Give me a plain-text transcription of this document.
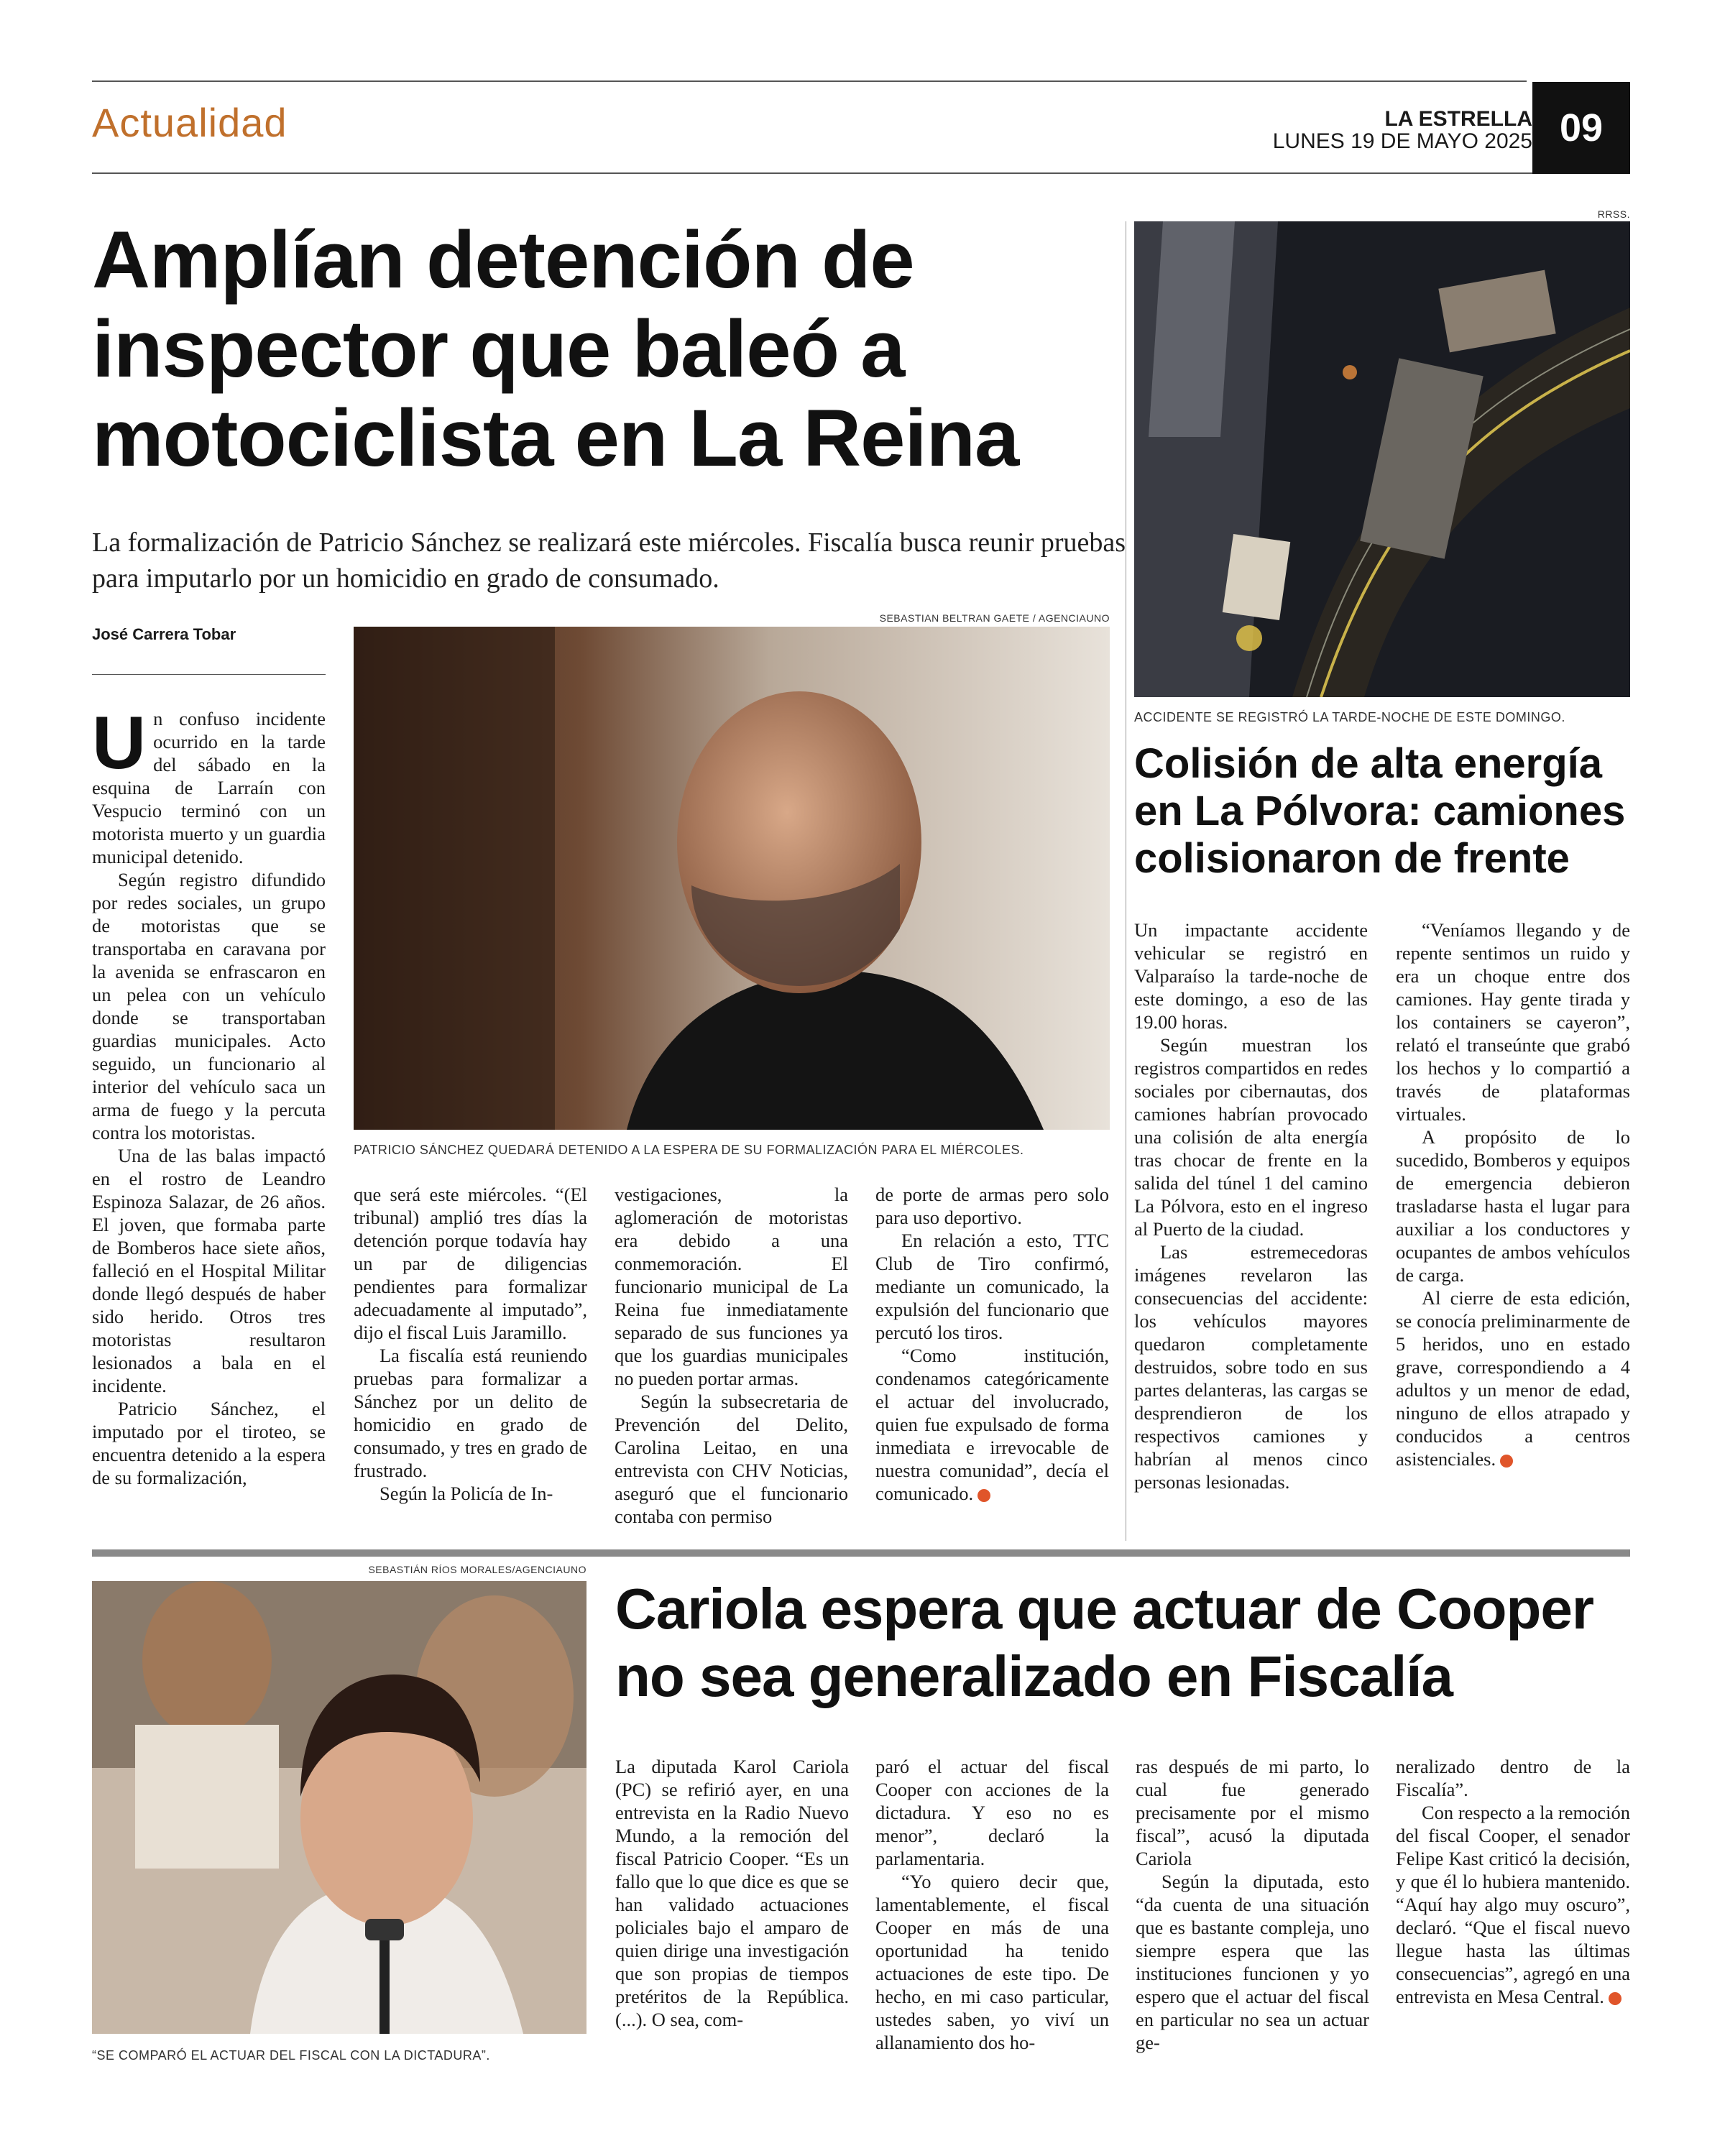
Actualidad	LA ESTRELLA
LUNES 19 DE MAYO 2025 09
Amplían detención de inspector que baleó a motociclista en La Reina
La formalización de Patricio Sánchez se realizará este miércoles. Fiscalía busca reunir pruebas para imputarlo por un homicidio en grado de consumado.
José Carrera Tobar
SEBASTIAN BELTRAN GAETE / AGENCIAUNO
PATRICIO SÁNCHEZ QUEDARÁ DETENIDO A LA ESPERA DE SU FORMALIZACIÓN PARA EL MIÉRCOLES.

Un confuso incidente ocurrido en la tarde del sábado en la esquina de Larraín con Vespucio terminó con un motorista muerto y un guardia municipal detenido.

Según registro difundido por redes sociales, un grupo de motoristas que se transportaba en caravana por la avenida se enfrascaron en un pelea con un vehículo donde se transportaban guardias municipales. Acto seguido, un funcionario al interior del vehículo saca un arma de fuego y la percuta contra los motoristas.

Una de las balas impactó en el rostro de Leandro Espinoza Salazar, de 26 años. El joven, que formaba parte de Bomberos hace siete años, falleció en el Hospital Militar donde llegó después de haber sido herido. Otros tres motoristas resultaron lesionados a bala en el incidente.

Patricio Sánchez, el imputado por el tiroteo, se encuentra detenido a la espera de su formalización,

que será este miércoles. “(El tribunal) amplió tres días la detención porque todavía hay un par de diligencias pendientes para formalizar adecuadamente al imputado”, dijo el fiscal Luis Jaramillo.

La fiscalía está reuniendo pruebas para formalizar a Sánchez por un delito de homicidio en grado de consumado, y tres en grado de frustrado.

Según la Policía de In-

vestigaciones, la aglomeración de motoristas era debido a una conmemoración. El funcionario municipal de La Reina fue inmediatamente separado de sus funciones ya que los guardias municipales no pueden portar armas.

Según la subsecretaria de Prevención del Delito, Carolina Leitao, en una entrevista con CHV Noticias, aseguró que el funcionario contaba con permiso

de porte de armas pero solo para uso deportivo.

En relación a esto, TTC Club de Tiro confirmó, mediante un comunicado, la expulsión del funcionario que percutó los tiros.

“Como institución, condenamos categóricamente el actuar del involucrado, quien fue expulsado de forma inmediata e irrevocable de nuestra comunidad”, decía el comunicado.

RRSS.
ACCIDENTE SE REGISTRÓ LA TARDE-NOCHE DE ESTE DOMINGO.
Colisión de alta energía en La Pólvora: camiones colisionaron de frente

Un impactante accidente vehicular se registró en Valparaíso la tarde-noche de este domingo, a eso de las 19.00 horas.

Según muestran los registros compartidos en redes sociales por cibernautas, dos camiones habrían provocado una colisión de alta energía tras chocar de frente en la salida del túnel 1 del camino La Pólvora, esto en el ingreso al Puerto de la ciudad.

Las estremecedoras imágenes revelaron las consecuencias del accidente: los vehículos mayores quedaron completamente destruidos, sobre todo en sus partes delanteras, las cargas se desprendieron de los respectivos camiones y habrían al menos cinco personas lesionadas.

“Veníamos llegando y de repente sentimos un ruido y era un choque entre dos camiones. Hay gente tirada y los containers se cayeron”, relató el transeúnte que grabó los hechos y lo compartió a través de plataformas virtuales.

A propósito de lo sucedido, Bomberos y equipos de emergencia debieron trasladarse hasta el lugar para auxiliar a los conductores y ocupantes de ambos vehículos de carga.

Al cierre de esta edición, se conocía preliminarmente de 5 heridos, uno en estado grave, correspondiendo a 4 adultos y un menor de edad, ninguno de ellos atrapado y conducidos a centros asistenciales.

SEBASTIÁN RÍOS MORALES/AGENCIAUNO
“SE COMPARÓ EL ACTUAR DEL FISCAL CON LA DICTADURA”.
Cariola espera que actuar de Cooper no sea generalizado en Fiscalía

La diputada Karol Cariola (PC) se refirió ayer, en una entrevista en la Radio Nuevo Mundo, a la remoción del fiscal Patricio Cooper. “Es un fallo que lo que dice es que se han validado actuaciones policiales bajo el amparo de quien dirige una investigación que son propias de tiempos pretéritos de la República. (...). O sea, com-

paró el actuar del fiscal Cooper con acciones de la dictadura. Y eso no es menor”, declaró la parlamentaria.

“Yo quiero decir que, lamentablemente, el fiscal Cooper en más de una oportunidad ha tenido actuaciones de este tipo. De hecho, en mi caso particular, ustedes saben, yo viví un allanamiento dos ho-

ras después de mi parto, lo cual fue generado precisamente por el mismo fiscal”, acusó la diputada Cariola

Según la diputada, esto “da cuenta de una situación que es bastante compleja, uno siempre espera que las instituciones funcionen y yo espero que el actuar del fiscal en particular no sea un actuar ge-

neralizado dentro de la Fiscalía”.

Con respecto a la remoción del fiscal Cooper, el senador Felipe Kast criticó la decisión, y que él lo hubiera mantenido. “Aquí hay algo muy oscuro”, declaró. “Que el fiscal nuevo llegue hasta las últimas consecuencias”, agregó en una entrevista en Mesa Central.
